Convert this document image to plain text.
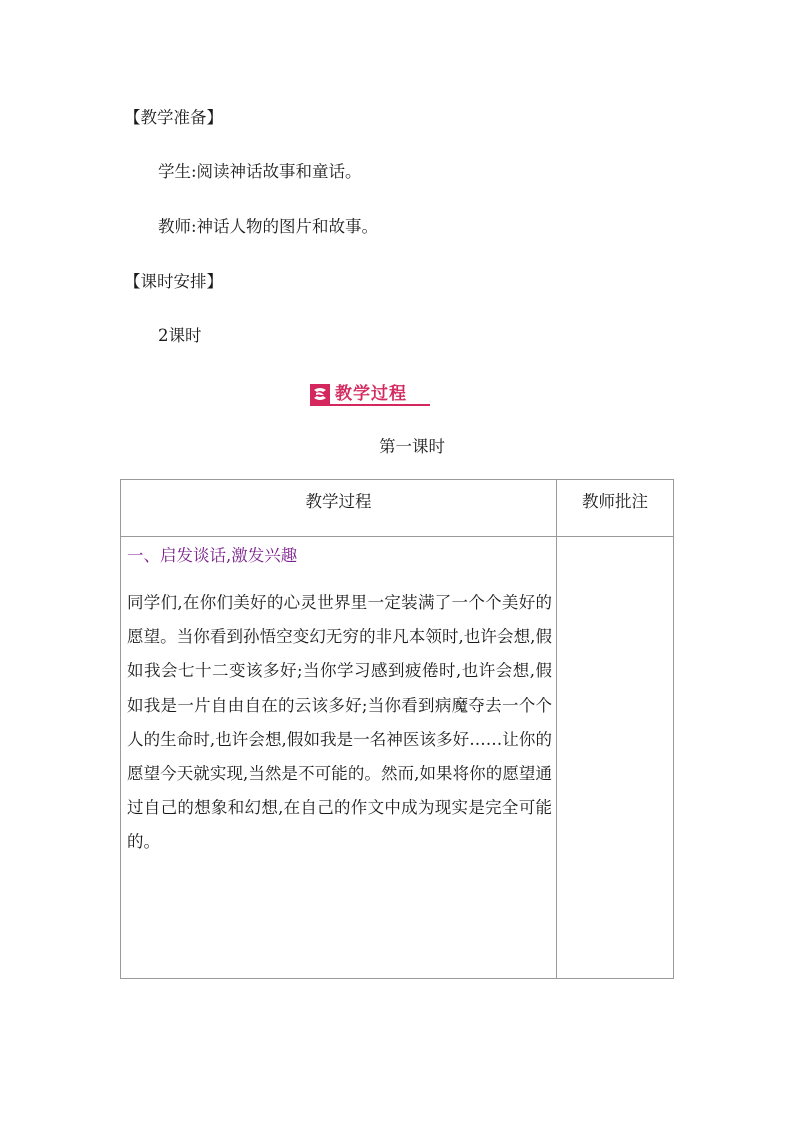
【教学准备】
学生:阅读神话故事和童话。
教师:神话人物的图片和故事。
【课时安排】
2课时
教学过程
第一课时
教学过程	教师批注

一、启发谈话,激发兴趣
同学们,在你们美好的心灵世界里一定装满了一个个美好的愿望。当你看到孙悟空变幻无穷的非凡本领时,也许会想,假如我会七十二变该多好;当你学习感到疲倦时,也许会想,假如我是一片自由自在的云该多好;当你看到病魔夺去一个个人的生命时,也许会想,假如我是一名神医该多好……让你的愿望今天就实现,当然是不可能的。然而,如果将你的愿望通过自己的想象和幻想,在自己的作文中成为现实是完全可能的。	
